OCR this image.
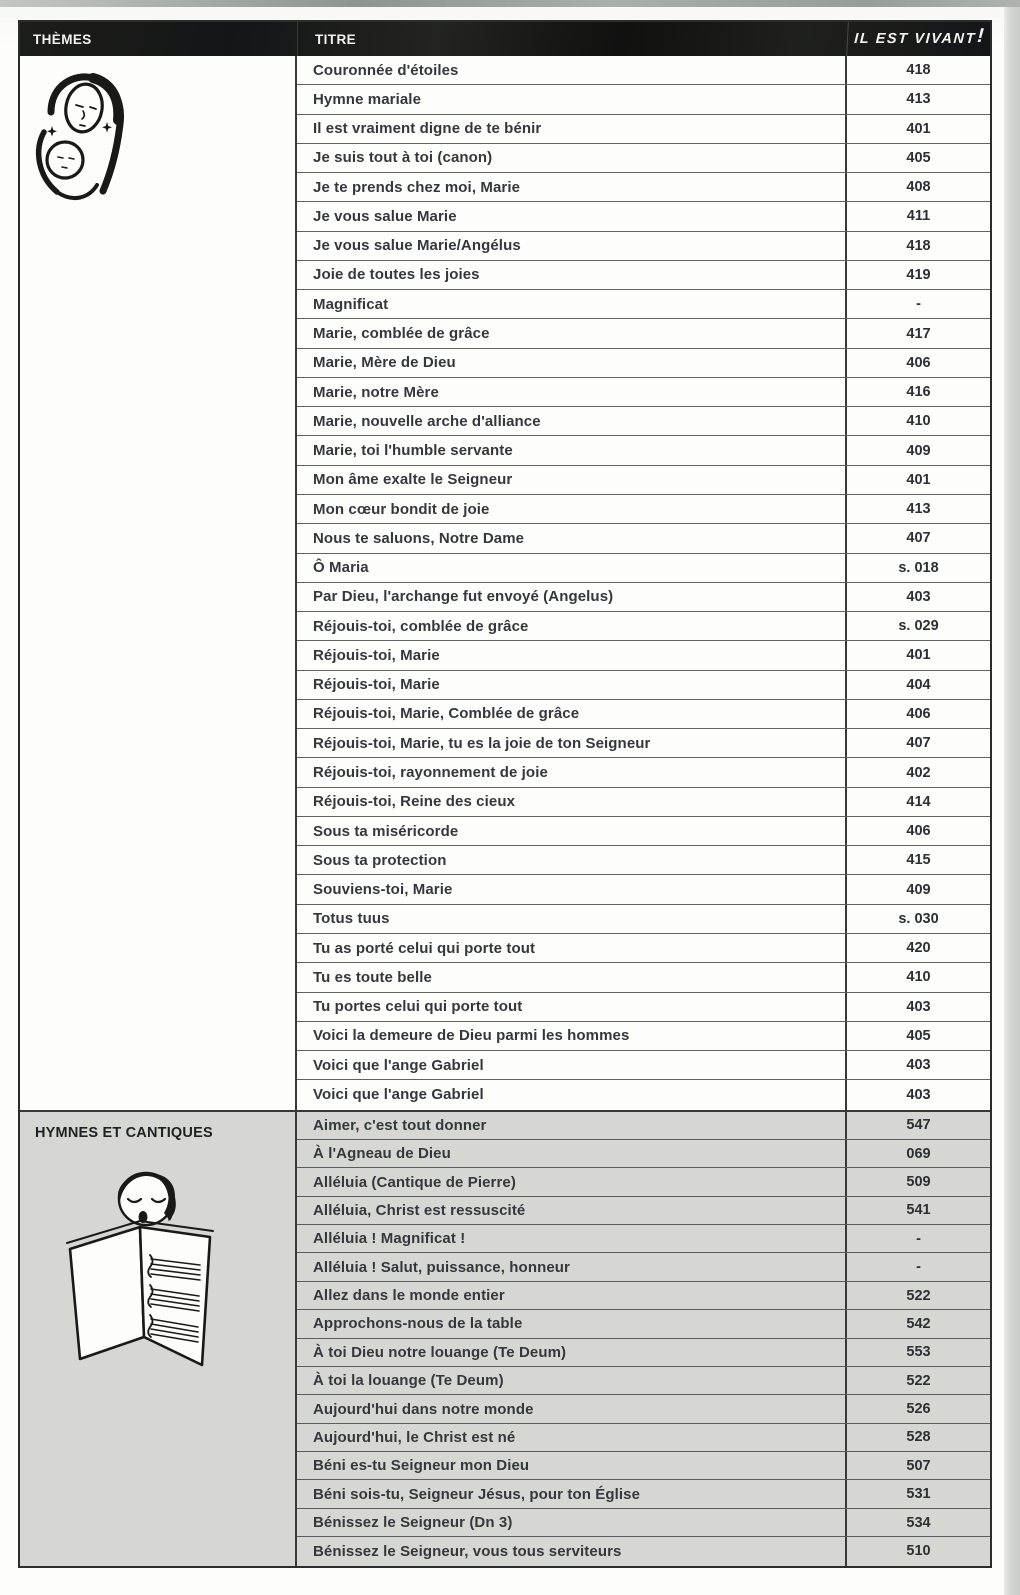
THÈMES	TITRE	IL EST VIVANT !
Couronnée d'étoiles	418
Hymne mariale	413
Il est vraiment digne de te bénir	401
Je suis tout à toi (canon)	405
Je te prends chez moi, Marie	408
Je vous salue Marie	411
Je vous salue Marie/Angélus	418
Joie de toutes les joies	419
Magnificat	-
Marie, comblée de grâce	417
Marie, Mère de Dieu	406
Marie, notre Mère	416
Marie, nouvelle arche d'alliance	410
Marie, toi l'humble servante	409
Mon âme exalte le Seigneur	401
Mon cœur bondit de joie	413
Nous te saluons, Notre Dame	407
Ô Maria	s. 018
Par Dieu, l'archange fut envoyé (Angelus)	403
Réjouis-toi, comblée de grâce	s. 029
Réjouis-toi, Marie	401
Réjouis-toi, Marie	404
Réjouis-toi, Marie, Comblée de grâce	406
Réjouis-toi, Marie, tu es la joie de ton Seigneur	407
Réjouis-toi, rayonnement de joie	402
Réjouis-toi, Reine des cieux	414
Sous ta miséricorde	406
Sous ta protection	415
Souviens-toi, Marie	409
Totus tuus	s. 030
Tu as porté celui qui porte tout	420
Tu es toute belle	410
Tu portes celui qui porte tout	403
Voici la demeure de Dieu parmi les hommes	405
Voici que l'ange Gabriel	403
Voici que l'ange Gabriel	403
HYMNES ET CANTIQUES	Aimer, c'est tout donner	547
À l'Agneau de Dieu	069
Alléluia (Cantique de Pierre)	509
Alléluia, Christ est ressuscité	541
Alléluia ! Magnificat !	-
Alléluia ! Salut, puissance, honneur	-
Allez dans le monde entier	522
Approchons-nous de la table	542
À toi Dieu notre louange (Te Deum)	553
À toi la louange (Te Deum)	522
Aujourd'hui dans notre monde	526
Aujourd'hui, le Christ est né	528
Béni es-tu Seigneur mon Dieu	507
Béni sois-tu, Seigneur Jésus, pour ton Église	531
Bénissez le Seigneur (Dn 3)	534
Bénissez le Seigneur, vous tous serviteurs	510
